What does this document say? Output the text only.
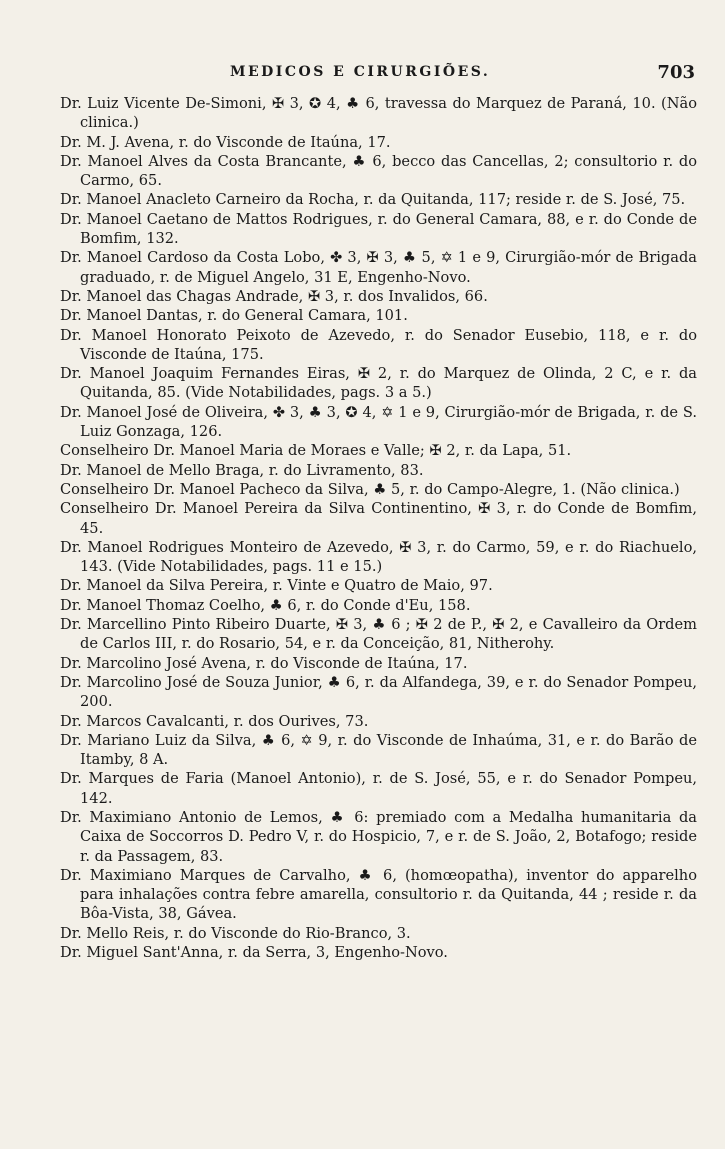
MEDICOS E CIRURGIÕES.	703

Dr. Luiz Vicente De-Simoni, ✠ 3, ✪ 4, ♣ 6, travessa do Marquez de Paraná, 10. (Não clinica.)

Dr. M. J. Avena, r. do Visconde de Itaúna, 17.

Dr. Manoel Alves da Costa Brancante, ♣ 6, becco das Cancellas, 2; consultorio r. do Carmo, 65.

Dr. Manoel Anacleto Carneiro da Rocha, r. da Quitanda, 117; reside r. de S. José, 75.

Dr. Manoel Caetano de Mattos Rodrigues, r. do General Camara, 88, e r. do Conde de Bomfim, 132.

Dr. Manoel Cardoso da Costa Lobo, ✤ 3, ✠ 3, ♣ 5, ✡ 1 e 9, Cirurgião-mór de Brigada graduado, r. de Miguel Angelo, 31 E, Engenho-Novo.

Dr. Manoel das Chagas Andrade, ✠ 3, r. dos Invalidos, 66.

Dr. Manoel Dantas, r. do General Camara, 101.

Dr. Manoel Honorato Peixoto de Azevedo, r. do Senador Eusebio, 118, e r. do Visconde de Itaúna, 175.

Dr. Manoel Joaquim Fernandes Eiras, ✠ 2, r. do Marquez de Olinda, 2 C, e r. da Quitanda, 85. (Vide Notabilidades, pags. 3 a 5.)

Dr. Manoel José de Oliveira, ✤ 3, ♣ 3, ✪ 4, ✡ 1 e 9, Cirurgião-mór de Brigada, r. de S. Luiz Gonzaga, 126.

Conselheiro Dr. Manoel Maria de Moraes e Valle; ✠ 2, r. da Lapa, 51.

Dr. Manoel de Mello Braga, r. do Livramento, 83.

Conselheiro Dr. Manoel Pacheco da Silva, ♣ 5, r. do Campo-Alegre, 1. (Não clinica.)

Conselheiro Dr. Manoel Pereira da Silva Continentino, ✠ 3, r. do Conde de Bomfim, 45.

Dr. Manoel Rodrigues Monteiro de Azevedo, ✠ 3, r. do Carmo, 59, e r. do Riachuelo, 143. (Vide Notabilidades, pags. 11 e 15.)

Dr. Manoel da Silva Pereira, r. Vinte e Quatro de Maio, 97.

Dr. Manoel Thomaz Coelho, ♣ 6, r. do Conde d'Eu, 158.

Dr. Marcellino Pinto Ribeiro Duarte, ✠ 3, ♣ 6 ; ✠ 2 de P., ✠ 2, e Cavalleiro da Ordem de Carlos III, r. do Rosario, 54, e r. da Conceição, 81, Nitherohy.

Dr. Marcolino José Avena, r. do Visconde de Itaúna, 17.

Dr. Marcolino José de Souza Junior, ♣ 6, r. da Alfandega, 39, e r. do Senador Pompeu, 200.

Dr. Marcos Cavalcanti, r. dos Ourives, 73.

Dr. Mariano Luiz da Silva, ♣ 6, ✡ 9, r. do Visconde de Inhaúma, 31, e r. do Barão de Itamby, 8 A.

Dr. Marques de Faria (Manoel Antonio), r. de S. José, 55, e r. do Senador Pompeu, 142.

Dr. Maximiano Antonio de Lemos, ♣ 6: premiado com a Medalha humanitaria da Caixa de Soccorros D. Pedro V, r. do Hospicio, 7, e r. de S. João, 2, Botafogo; reside r. da Passagem, 83.

Dr. Maximiano Marques de Carvalho, ♣ 6, (homœopatha), inventor do apparelho para inhalações contra febre amarella, consultorio r. da Quitanda, 44 ; reside r. da Bôa-Vista, 38, Gávea.

Dr. Mello Reis, r. do Visconde do Rio-Branco, 3.

Dr. Miguel Sant'Anna, r. da Serra, 3, Engenho-Novo.
